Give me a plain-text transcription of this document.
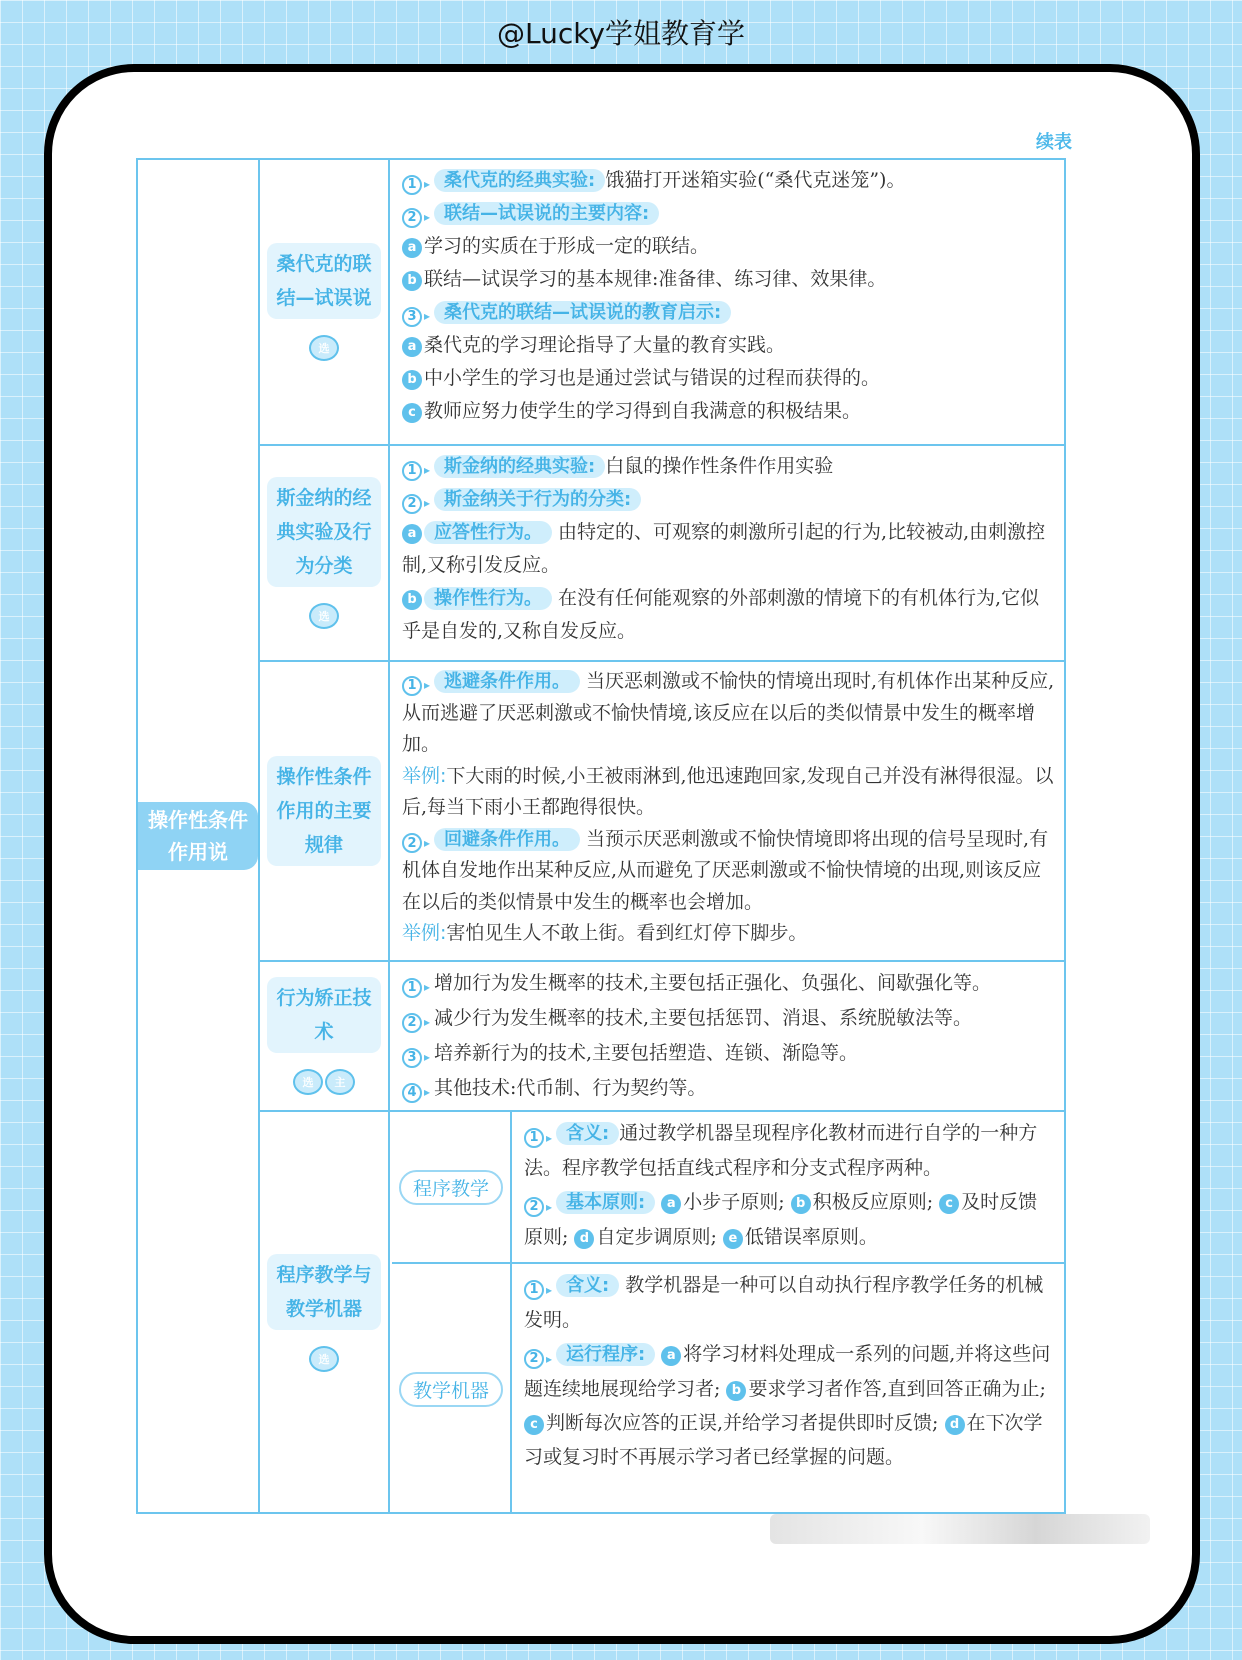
@Lucky学姐教育学
续表
操作性条件作用说
桑代克的联结—试误说
选

1 ▸ 桑代克的经典实验: 饿猫打开迷箱实验(“桑代克迷笼”)。

2 ▸ 联结—试误说的主要内容:

a 学习的实质在于形成一定的联结。

b 联结—试误学习的基本规律:准备律、练习律、效果律。

3 ▸ 桑代克的联结—试误说的教育启示:

a 桑代克的学习理论指导了大量的教育实践。

b 中小学生的学习也是通过尝试与错误的过程而获得的。

c 教师应努力使学生的学习得到自我满意的积极结果。

斯金纳的经典实验及行为分类
选

1 ▸ 斯金纳的经典实验: 白鼠的操作性条件作用实验

2 ▸ 斯金纳关于行为的分类:

a 应答性行为。 由特定的、可观察的刺激所引起的行为,比较被动,由刺激控制,又称引发反应。

b 操作性行为。 在没有任何能观察的外部刺激的情境下的有机体行为,它似乎是自发的,又称自发反应。

操作性条件作用的主要规律

1 ▸ 逃避条件作用。 当厌恶刺激或不愉快的情境出现时,有机体作出某种反应,从而逃避了厌恶刺激或不愉快情境,该反应在以后的类似情景中发生的概率增加。

举例:下大雨的时候,小王被雨淋到,他迅速跑回家,发现自己并没有淋得很湿。以后,每当下雨小王都跑得很快。

2 ▸ 回避条件作用。 当预示厌恶刺激或不愉快情境即将出现的信号呈现时,有机体自发地作出某种反应,从而避免了厌恶刺激或不愉快情境的出现,则该反应在以后的类似情景中发生的概率也会增加。

举例:害怕见生人不敢上街。看到红灯停下脚步。

行为矫正技术
选	主

1 ▸ 增加行为发生概率的技术,主要包括正强化、负强化、间歇强化等。

2 ▸ 减少行为发生概率的技术,主要包括惩罚、消退、系统脱敏法等。

3 ▸ 培养新行为的技术,主要包括塑造、连锁、渐隐等。

4 ▸ 其他技术:代币制、行为契约等。

程序教学与教学机器
选
程序教学

1 ▸ 含义: 通过教学机器呈现程序化教材而进行自学的一种方法。程序教学包括直线式程序和分支式程序两种。

2 ▸ 基本原则: a 小步子原则; b 积极反应原则; c 及时反馈原则; d 自定步调原则; e 低错误率原则。

教学机器

1 ▸ 含义: 教学机器是一种可以自动执行程序教学任务的机械发明。

2 ▸ 运行程序: a 将学习材料处理成一系列的问题,并将这些问题连续地展现给学习者; b 要求学习者作答,直到回答正确为止; c 判断每次应答的正误,并给学习者提供即时反馈; d 在下次学习或复习时不再展示学习者已经掌握的问题。
